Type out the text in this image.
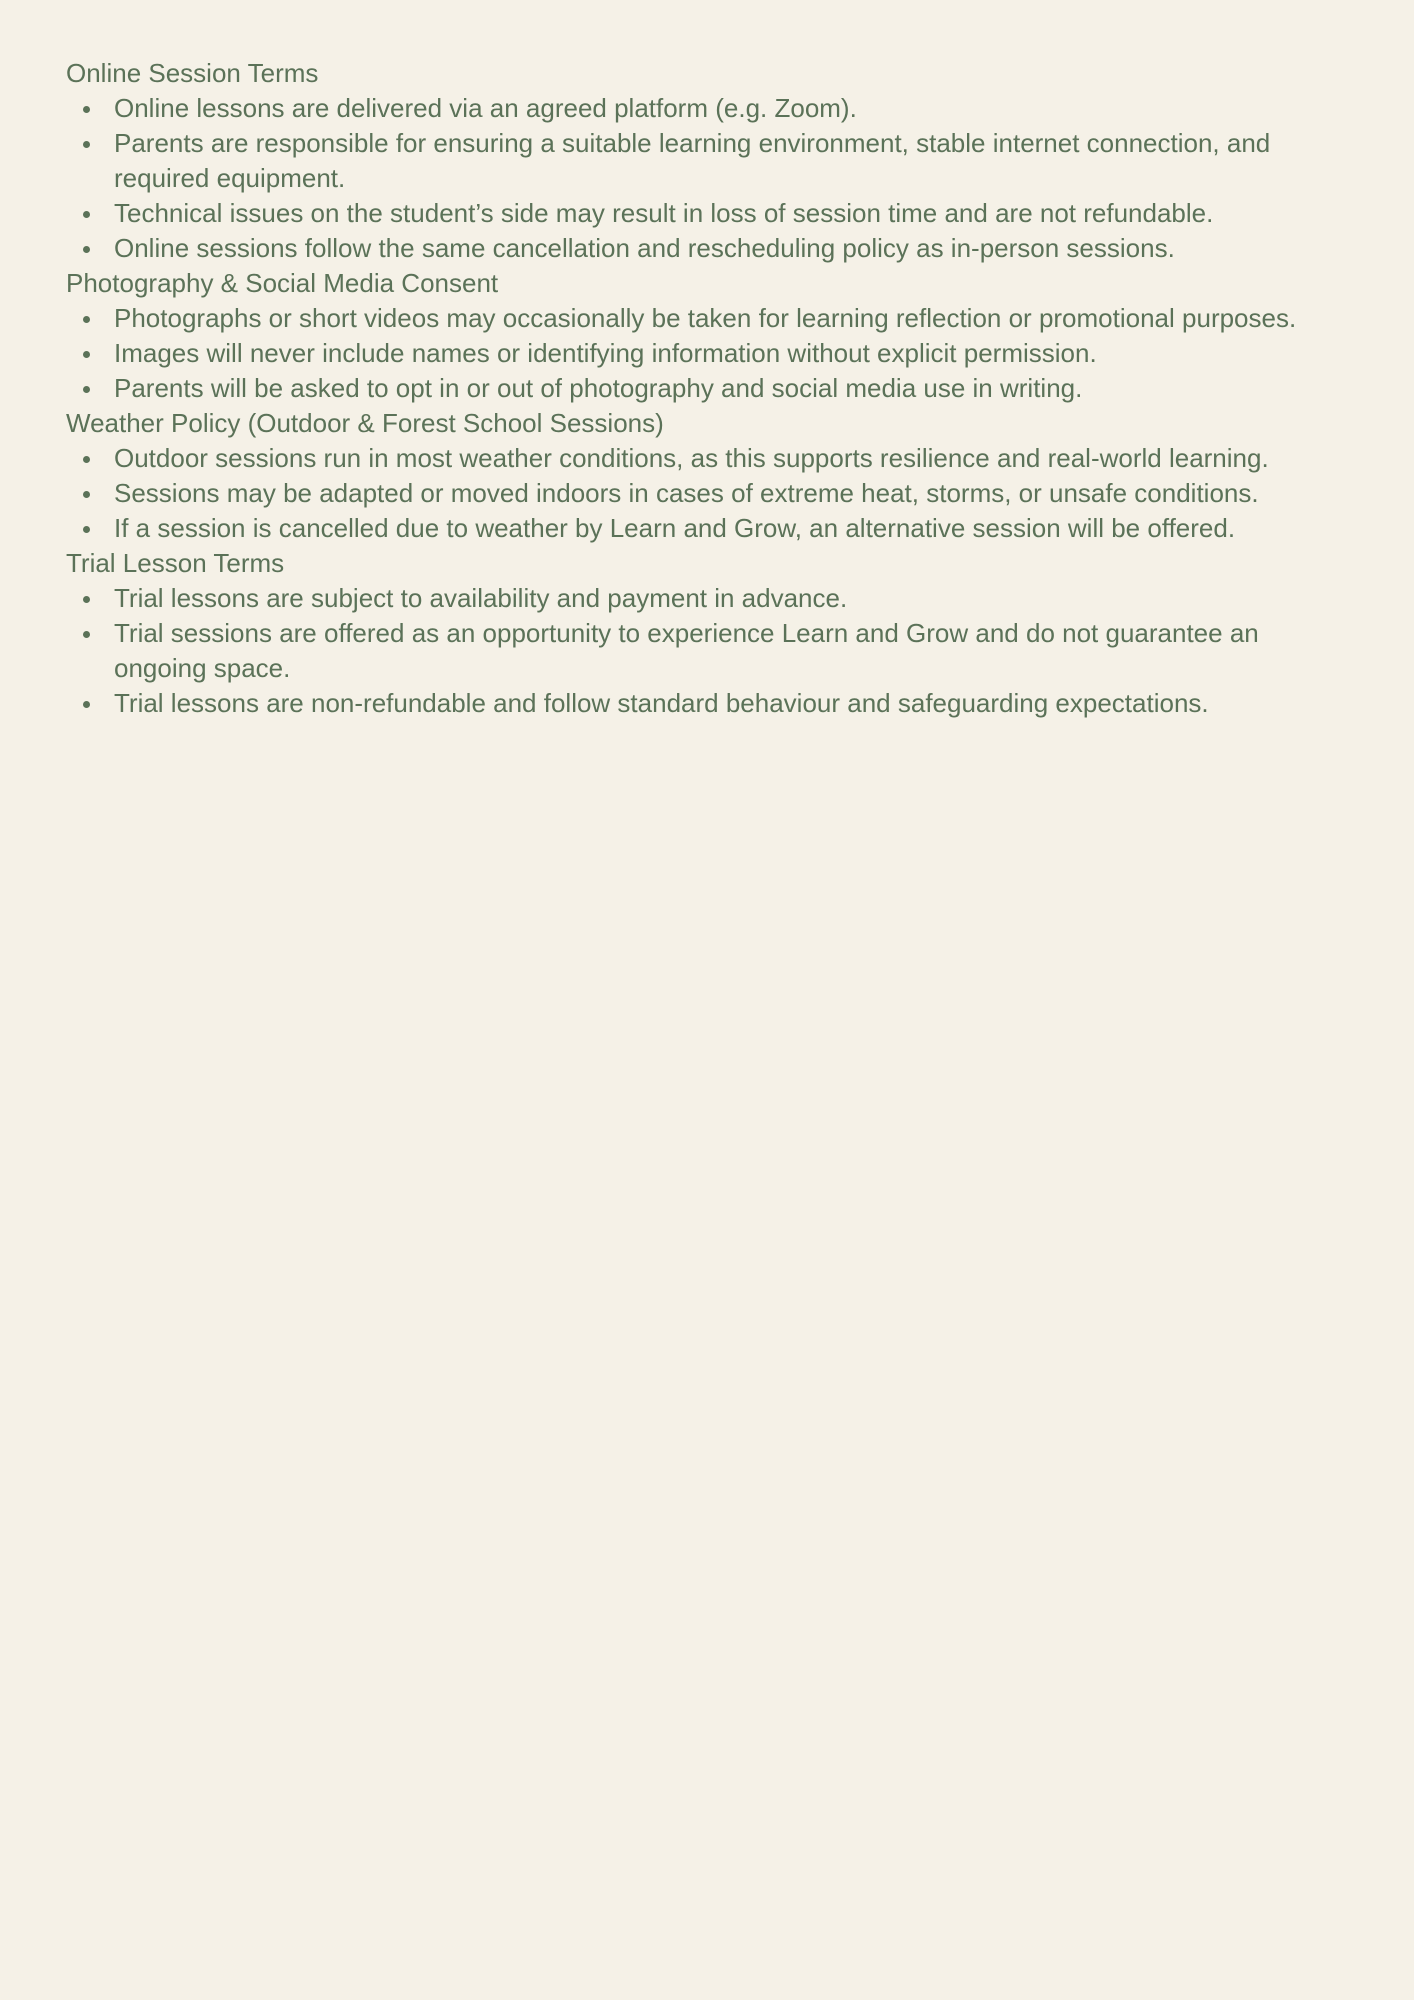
Online Session Terms
Online lessons are delivered via an agreed platform (e.g. Zoom).
Parents are responsible for ensuring a suitable learning environment, stable internet connection, and required equipment.
Technical issues on the student’s side may result in loss of session time and are not refundable.
Online sessions follow the same cancellation and rescheduling policy as in-person sessions.
Photography & Social Media Consent
Photographs or short videos may occasionally be taken for learning reflection or promotional purposes.
Images will never include names or identifying information without explicit permission.
Parents will be asked to opt in or out of photography and social media use in writing.
Weather Policy (Outdoor & Forest School Sessions)
Outdoor sessions run in most weather conditions, as this supports resilience and real-world learning.
Sessions may be adapted or moved indoors in cases of extreme heat, storms, or unsafe conditions.
If a session is cancelled due to weather by Learn and Grow, an alternative session will be offered.
Trial Lesson Terms
Trial lessons are subject to availability and payment in advance.
Trial sessions are offered as an opportunity to experience Learn and Grow and do not guarantee an ongoing space.
Trial lessons are non-refundable and follow standard behaviour and safeguarding expectations.
